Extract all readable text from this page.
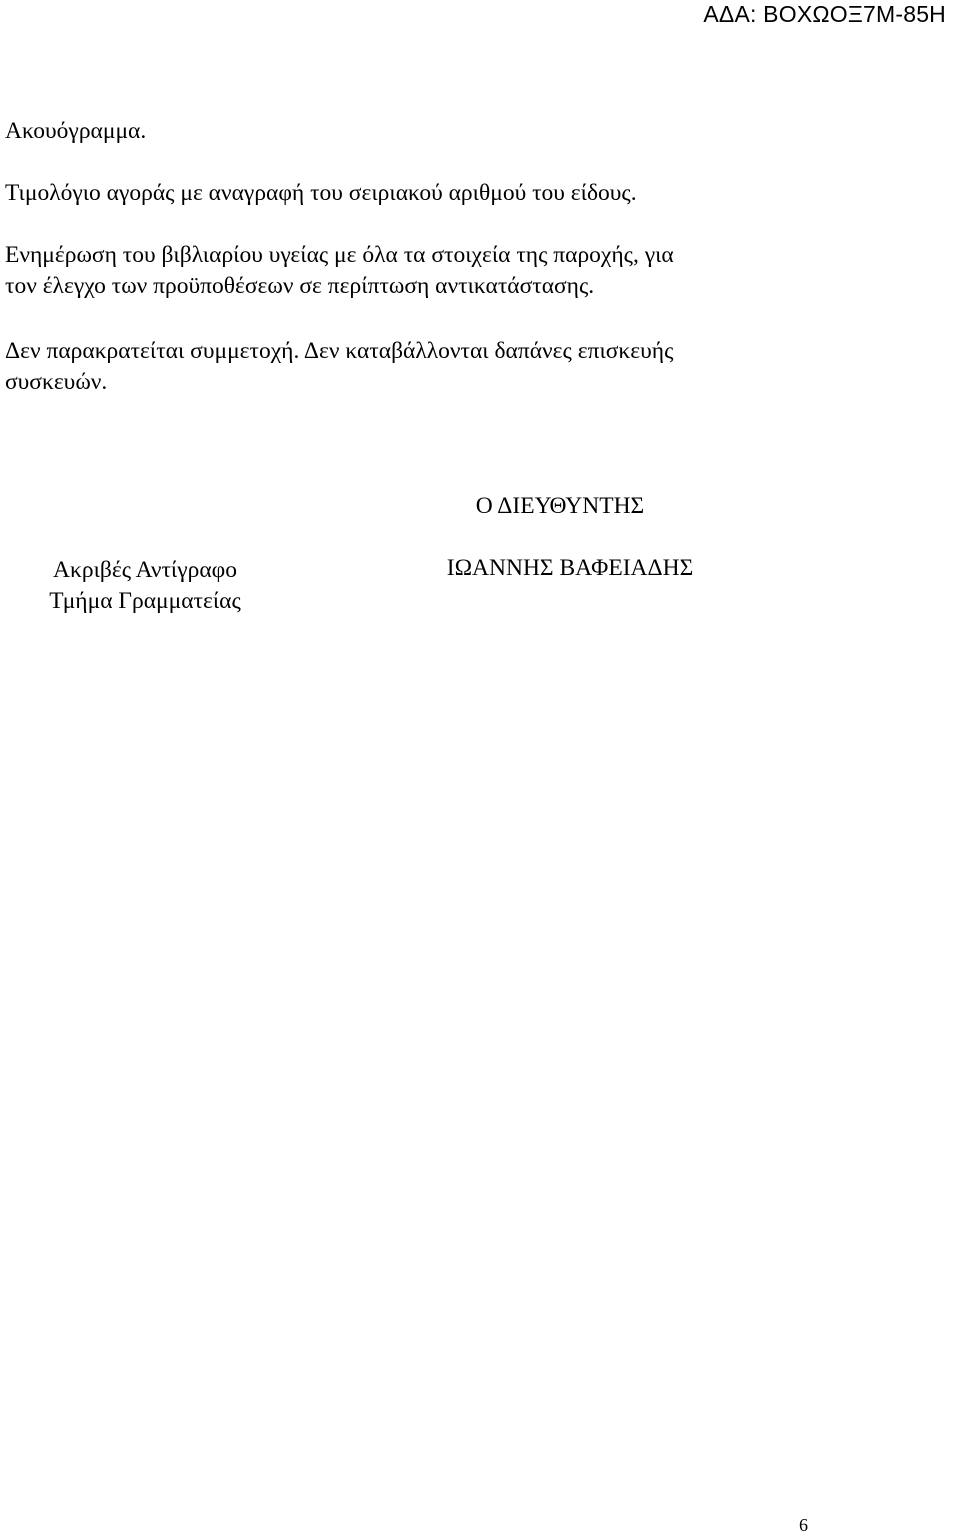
ΑΔΑ: ΒΟΧΩΟΞ7Μ-85Η

Ακουόγραμμα.

Τιμολόγιο αγοράς με αναγραφή του σειριακού αριθμού του είδους.

Ενημέρωση του βιβλιαρίου υγείας με όλα τα στοιχεία της παροχής, για
τον έλεγχο των προϋποθέσεων σε περίπτωση αντικατάστασης.

Δεν παρακρατείται συμμετοχή. Δεν καταβάλλονται δαπάνες επισκευής
συσκευών.

Ο ΔΙΕΥΘΥΝΤΗΣ
ΙΩΑΝΝΗΣ ΒΑΦΕΙΑΔΗΣ
Ακριβές Αντίγραφο
Τμήμα Γραμματείας
6
